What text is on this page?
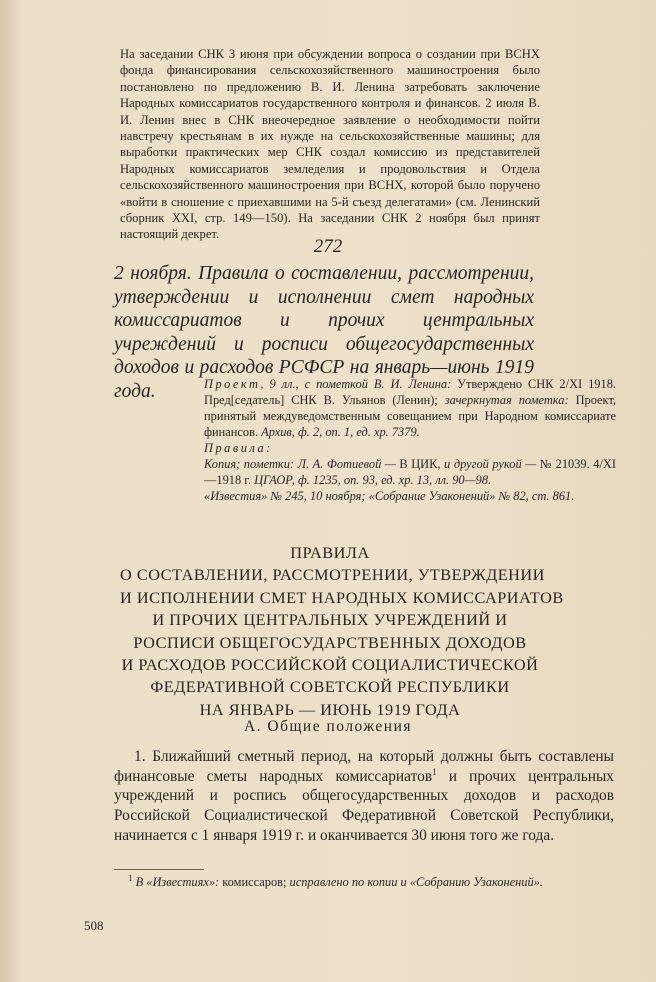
На заседании СНК 3 июня при обсуждении вопроса о создании при ВСНХ фонда финансирования сельскохозяйственного машиностроения было постановлено по предложению В. И. Ленина затребовать заключение Народных комиссариатов государственного контроля и финансов. 2 июля В. И. Ленин внес в СНК внеочередное заявление о необходимости пойти навстречу крестьянам в их нужде на сельскохозяйственные машины; для выработки практических мер СНК создал комиссию из представителей Народных комиссариатов земледелия и продовольствия и Отдела сельскохозяйственного машиностроения при ВСНХ, которой было поручено «войти в сношение с приехавшими на 5-й съезд делегатами» (см. Ленинский сборник XXI, стр. 149—150). На заседании СНК 2 ноября был принят настоящий декрет.

272

2 ноября. Правила о составлении, рассмотрении, утверждении и исполнении смет народных комиссариатов и прочих центральных учреждений и росписи общегосударственных доходов и расходов РСФСР на январь—июнь 1919 года.	Проект, 9 лл., с пометкой В. И. Ленина: Утверждено СНК 2/XI 1918. Пред[седатель] СНК В. Ульянов (Ленин); зачеркнутая пометка: Проект, принятый междуведомственным совещанием при Народном комиссариате финансов. Архив, ф. 2, оп. 1, ед. хр. 7379.

Правила:

Копия; пометки: Л. А. Фотиевой — В ЦИК, и другой рукой — № 21039. 4/XI—1918 г. ЦГАОР, ф. 1235, оп. 93, ед. хр. 13, лл. 90—98.

«Известия» № 245, 10 ноября; «Собрание Узаконений» № 82, ст. 861.

ПРАВИЛА
О СОСТАВЛЕНИИ, РАССМОТРЕНИИ, УТВЕРЖДЕНИИ
И ИСПОЛНЕНИИ СМЕТ НАРОДНЫХ КОМИССАРИАТОВ
И ПРОЧИХ ЦЕНТРАЛЬНЫХ УЧРЕЖДЕНИЙ И
РОСПИСИ ОБЩЕГОСУДАРСТВЕННЫХ ДОХОДОВ
И РАСХОДОВ РОССИЙСКОЙ СОЦИАЛИСТИЧЕСКОЙ
ФЕДЕРАТИВНОЙ СОВЕТСКОЙ РЕСПУБЛИКИ
НА ЯНВАРЬ — ИЮНЬ 1919 ГОДА
А. Общие положения

1. Ближайший сметный период, на который должны быть составлены финансовые сметы народных комиссариатов$^1$ и прочих центральных учреждений и роспись общегосударственных доходов и расходов Российской Социалистической Федеративной Советской Республики, начинается с 1 января 1919 г. и оканчивается 30 июня того же года.

$^1$ В «Известиях»: комиссаров; исправлено по копии и «Собранию Узаконений».

508
